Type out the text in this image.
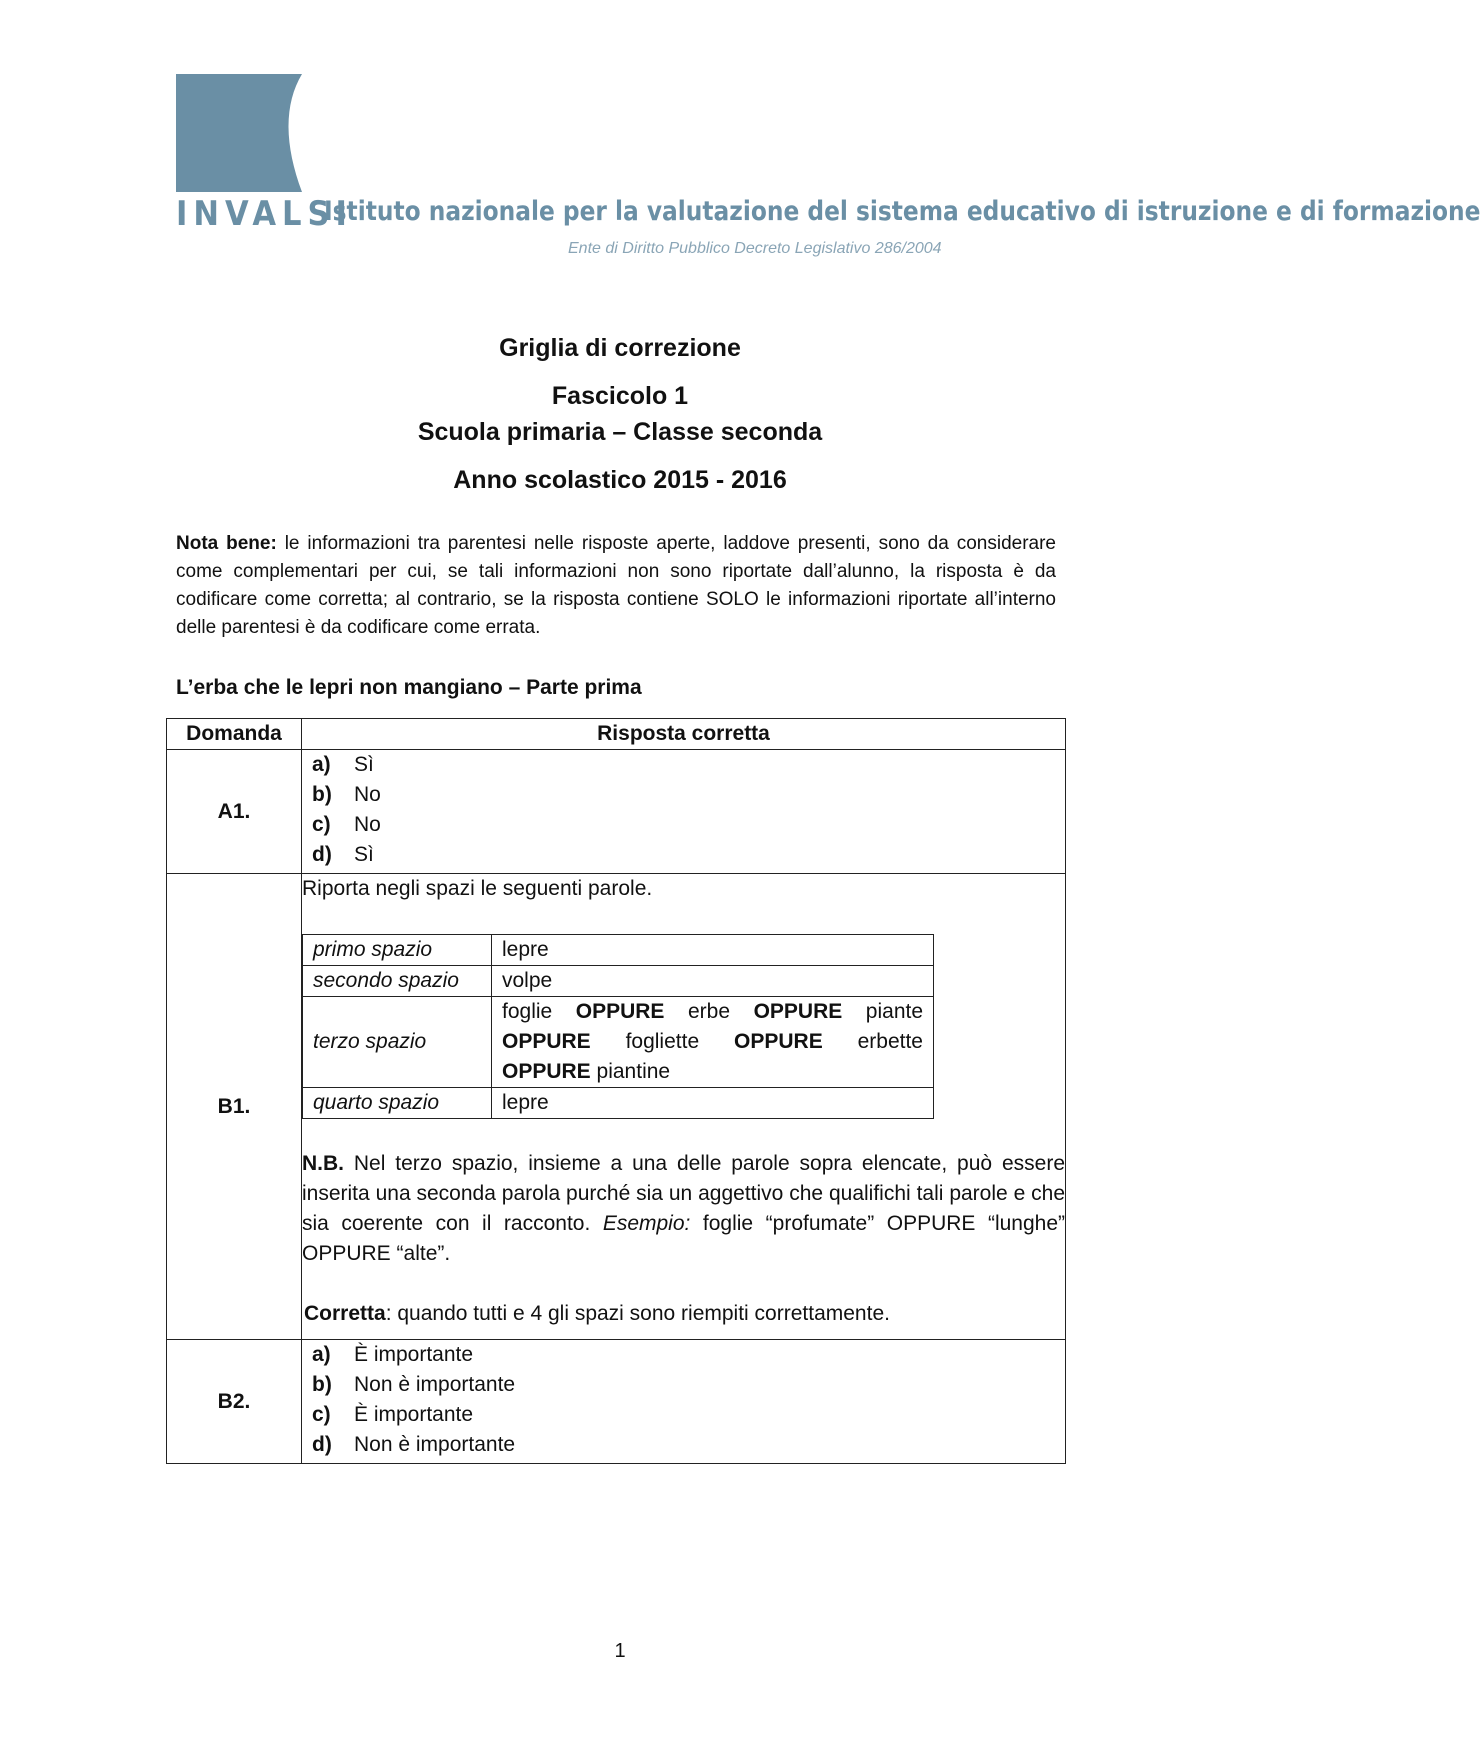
INVALSI
Istituto nazionale per la valutazione del sistema educativo di istruzione e di formazione
Ente di Diritto Pubblico Decreto Legislativo 286/2004
Griglia di correzione
Fascicolo 1
Scuola primaria – Classe seconda
Anno scolastico 2015 - 2016
Nota bene: le informazioni tra parentesi nelle risposte aperte, laddove presenti, sono da considerare come complementari per cui, se tali informazioni non sono riportate dall’alunno, la risposta è da codificare come corretta; al contrario, se la risposta contiene SOLO le informazioni riportate all’interno delle parentesi è da codificare come errata.
L’erba che le lepri non mangiano – Parte prima
Domanda	Risposta corretta
A1.	
a) Sì
b) No
c) No
d) Sì

B1.	
Riporta negli spazi le seguenti parole.
primo spazio	lepre
secondo spazio	volpe
terzo spazio	foglie OPPURE erbe OPPURE piante OPPURE fogliette OPPURE erbette OPPURE piantine
quarto spazio	lepre
N.B. Nel terzo spazio, insieme a una delle parole sopra elencate, può essere inserita una seconda parola purché sia un aggettivo che qualifichi tali parole e che sia coerente con il racconto. Esempio: foglie “profumate” OPPURE “lunghe” OPPURE “alte”.
Corretta: quando tutti e 4 gli spazi sono riempiti correttamente.

B2.	
a) È importante
b) Non è importante
c) È importante
d) Non è importante
1
